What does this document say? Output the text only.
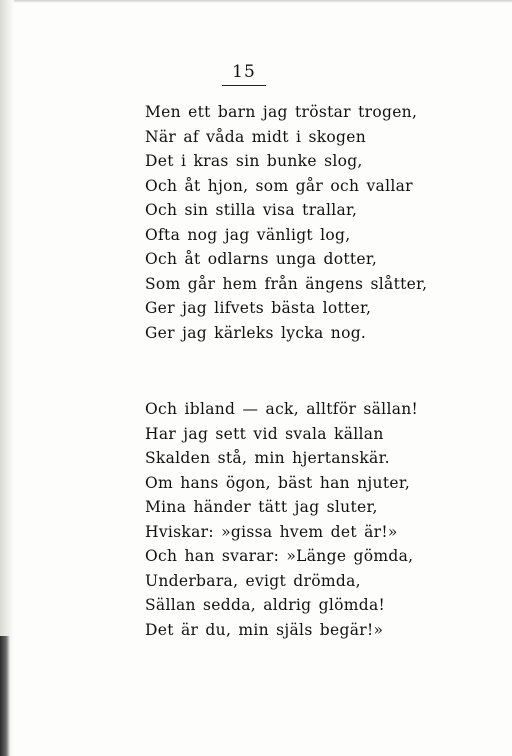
15
Men ett barn jag tröstar trogen,
När af våda midt i skogen
Det i kras sin bunke slog,
Och åt hjon, som går och vallar
Och sin stilla visa trallar,
Ofta nog jag vänligt log,
Och åt odlarns unga dotter,
Som går hem från ängens slåtter,
Ger jag lifvets bästa lotter,
Ger jag kärleks lycka nog.
Och ibland — ack, alltför sällan!
Har jag sett vid svala källan
Skalden stå, min hjertanskär.
Om hans ögon, bäst han njuter,
Mina händer tätt jag sluter,
Hviskar: »gissa hvem det är!»
Och han svarar: »Länge gömda,
Underbara, evigt drömda,
Sällan sedda, aldrig glömda!
Det är du, min själs begär!»
